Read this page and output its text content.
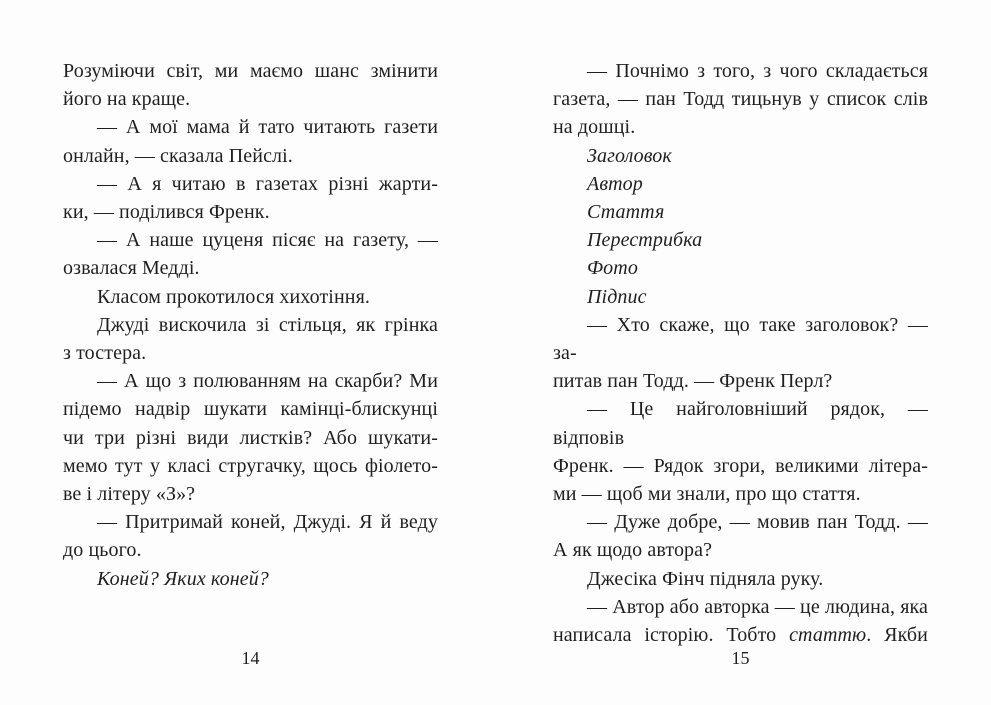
Розуміючи світ, ми маємо шанс змінити
його на краще.
— А мої мама й тато читають газети
онлайн, — сказала Пейслі.
— А я читаю в газетах різні жарти-
ки, — поділився Френк.
— А наше цуценя пісяє на газету, —
озвалася Медді.
Класом прокотилося хихотіння.
Джуді вискочила зі стільця, як грінка
з тостера.
— А що з полюванням на скарби? Ми
підемо надвір шукати камінці-блискунці
чи три різні види листків? Або шукати-
мемо тут у класі стругачку, щось фіолето-
ве і літеру «З»?
— Притримай коней, Джуді. Я й веду
до цього.
Коней? Яких коней?
14
— Почнімо з того, з чого складається
газета, — пан Тодд тицьнув у список слів
на дошці.
Заголовок
Автор
Стаття
Перестрибка
Фото
Підпис
— Хто скаже, що таке заголовок? — за-
питав пан Тодд. — Френк Перл?
— Це найголовніший рядок, — відповів
Френк. — Рядок згори, великими літера-
ми — щоб ми знали, про що стаття.
— Дуже добре, — мовив пан Тодд. —
А як щодо автора?
Джесіка Фінч підняла руку.
— Автор або авторка — це людина, яка
написала історію. Тобто статтю. Якби
15
